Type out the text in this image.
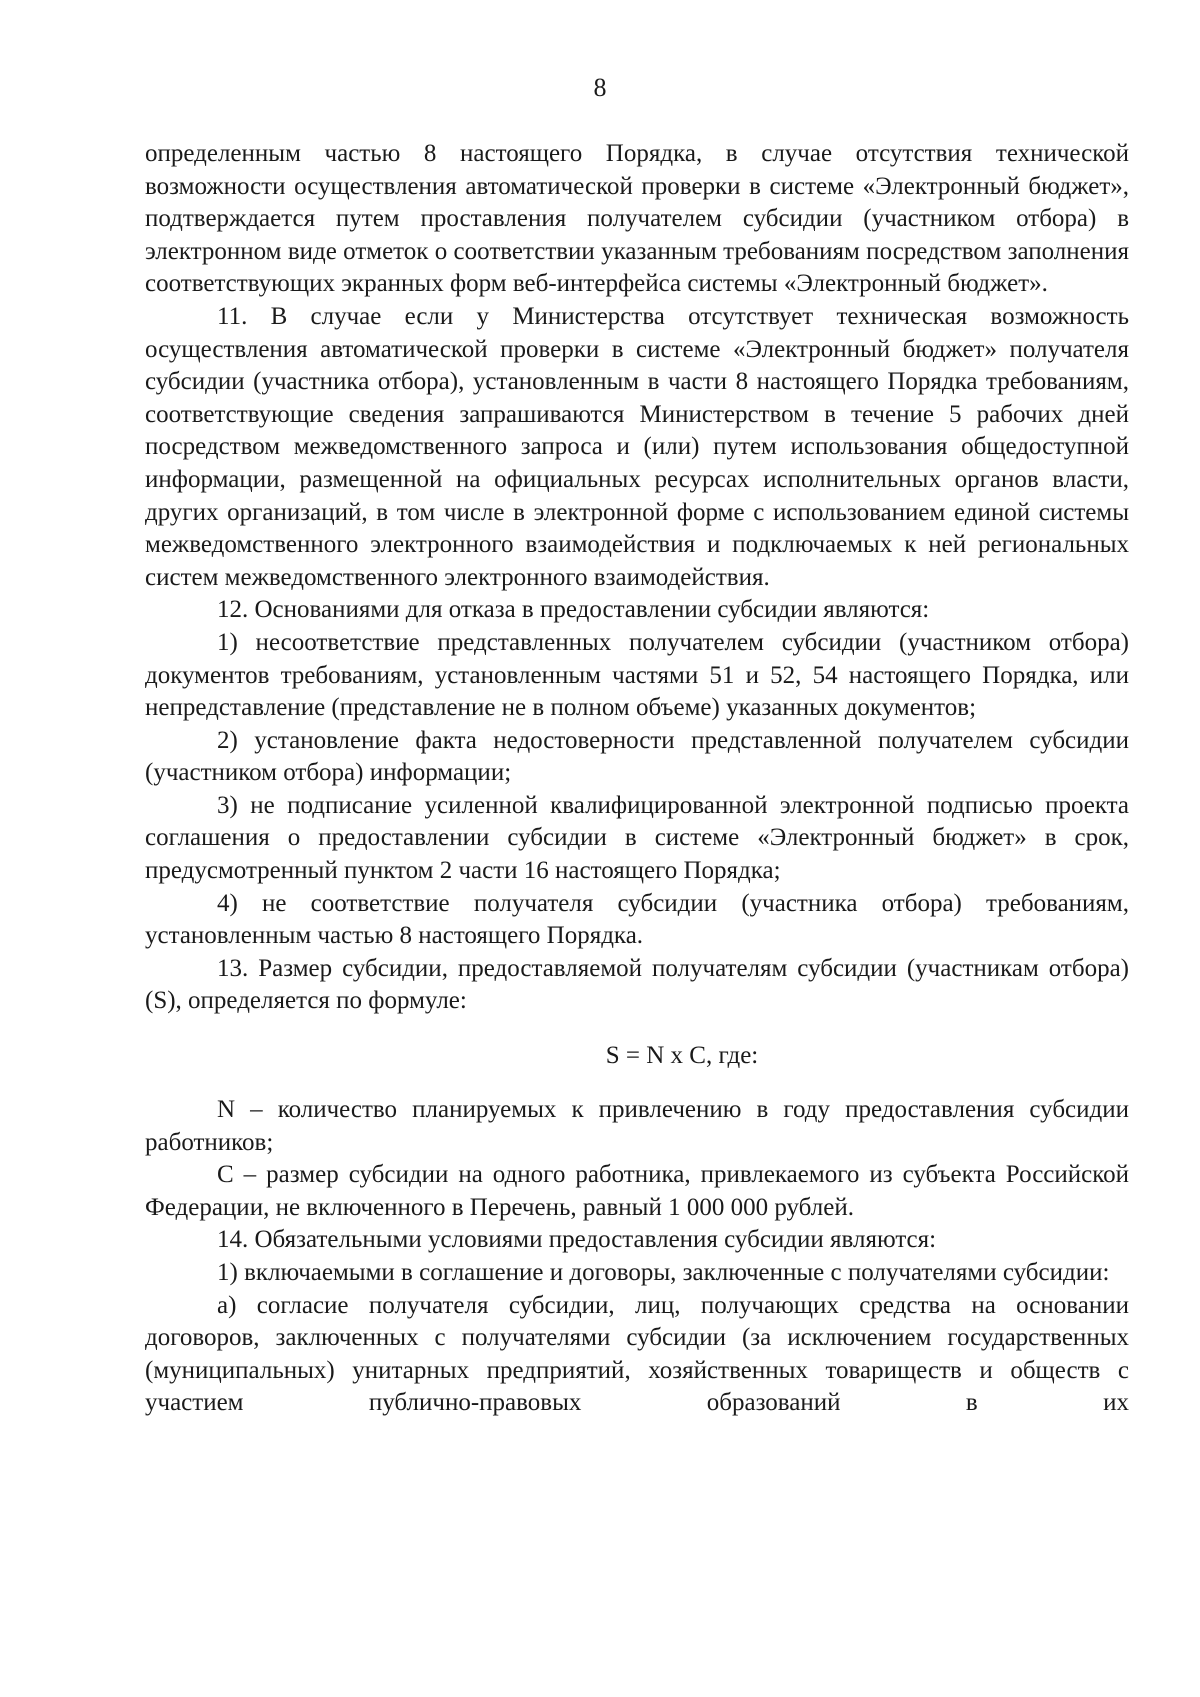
8

определенным частью 8 настоящего Порядка, в случае отсутствия технической возможности осуществления автоматической проверки в системе «Электронный бюджет», подтверждается путем проставления получателем субсидии (участником отбора) в электронном виде отметок о соответствии указанным требованиям посредством заполнения соответствующих экранных форм веб-интерфейса системы «Электронный бюджет».

11. В случае если у Министерства отсутствует техническая возможность осуществления автоматической проверки в системе «Электронный бюджет» получателя субсидии (участника отбора), установленным в части 8 настоящего Порядка требованиям, соответствующие сведения запрашиваются Министерством в течение 5 рабочих дней посредством межведомственного запроса и (или) путем использования общедоступной информации, размещенной на официальных ресурсах исполнительных органов власти, других организаций, в том числе в электронной форме с использованием единой системы межведомственного электронного взаимодействия и подключаемых к ней региональных систем межведомственного электронного взаимодействия.

12. Основаниями для отказа в предоставлении субсидии являются:

1) несоответствие представленных получателем субсидии (участником отбора) документов требованиям, установленным частями 51 и 52, 54 настоящего Порядка, или непредставление (представление не в полном объеме) указанных документов;

2) установление факта недостоверности представленной получателем субсидии (участником отбора) информации;

3) не подписание усиленной квалифицированной электронной подписью проекта соглашения о предоставлении субсидии в системе «Электронный бюджет» в срок, предусмотренный пунктом 2 части 16 настоящего Порядка;

4) не соответствие получателя субсидии (участника отбора) требованиям, установленным частью 8 настоящего Порядка.

13. Размер субсидии, предоставляемой получателям субсидии (участникам отбора) (S), определяется по формуле:

S = N x C, где:

N – количество планируемых к привлечению в году предоставления субсидии работников;

C – размер субсидии на одного работника, привлекаемого из субъекта Российской Федерации, не включенного в Перечень, равный 1 000 000 рублей.

14. Обязательными условиями предоставления субсидии являются:

1) включаемыми в соглашение и договоры, заключенные с получателями субсидии:

а) согласие получателя субсидии, лиц, получающих средства на основании договоров, заключенных с получателями субсидии (за исключением государственных (муниципальных) унитарных предприятий, хозяйственных товариществ и обществ с участием публично-правовых образований в их
